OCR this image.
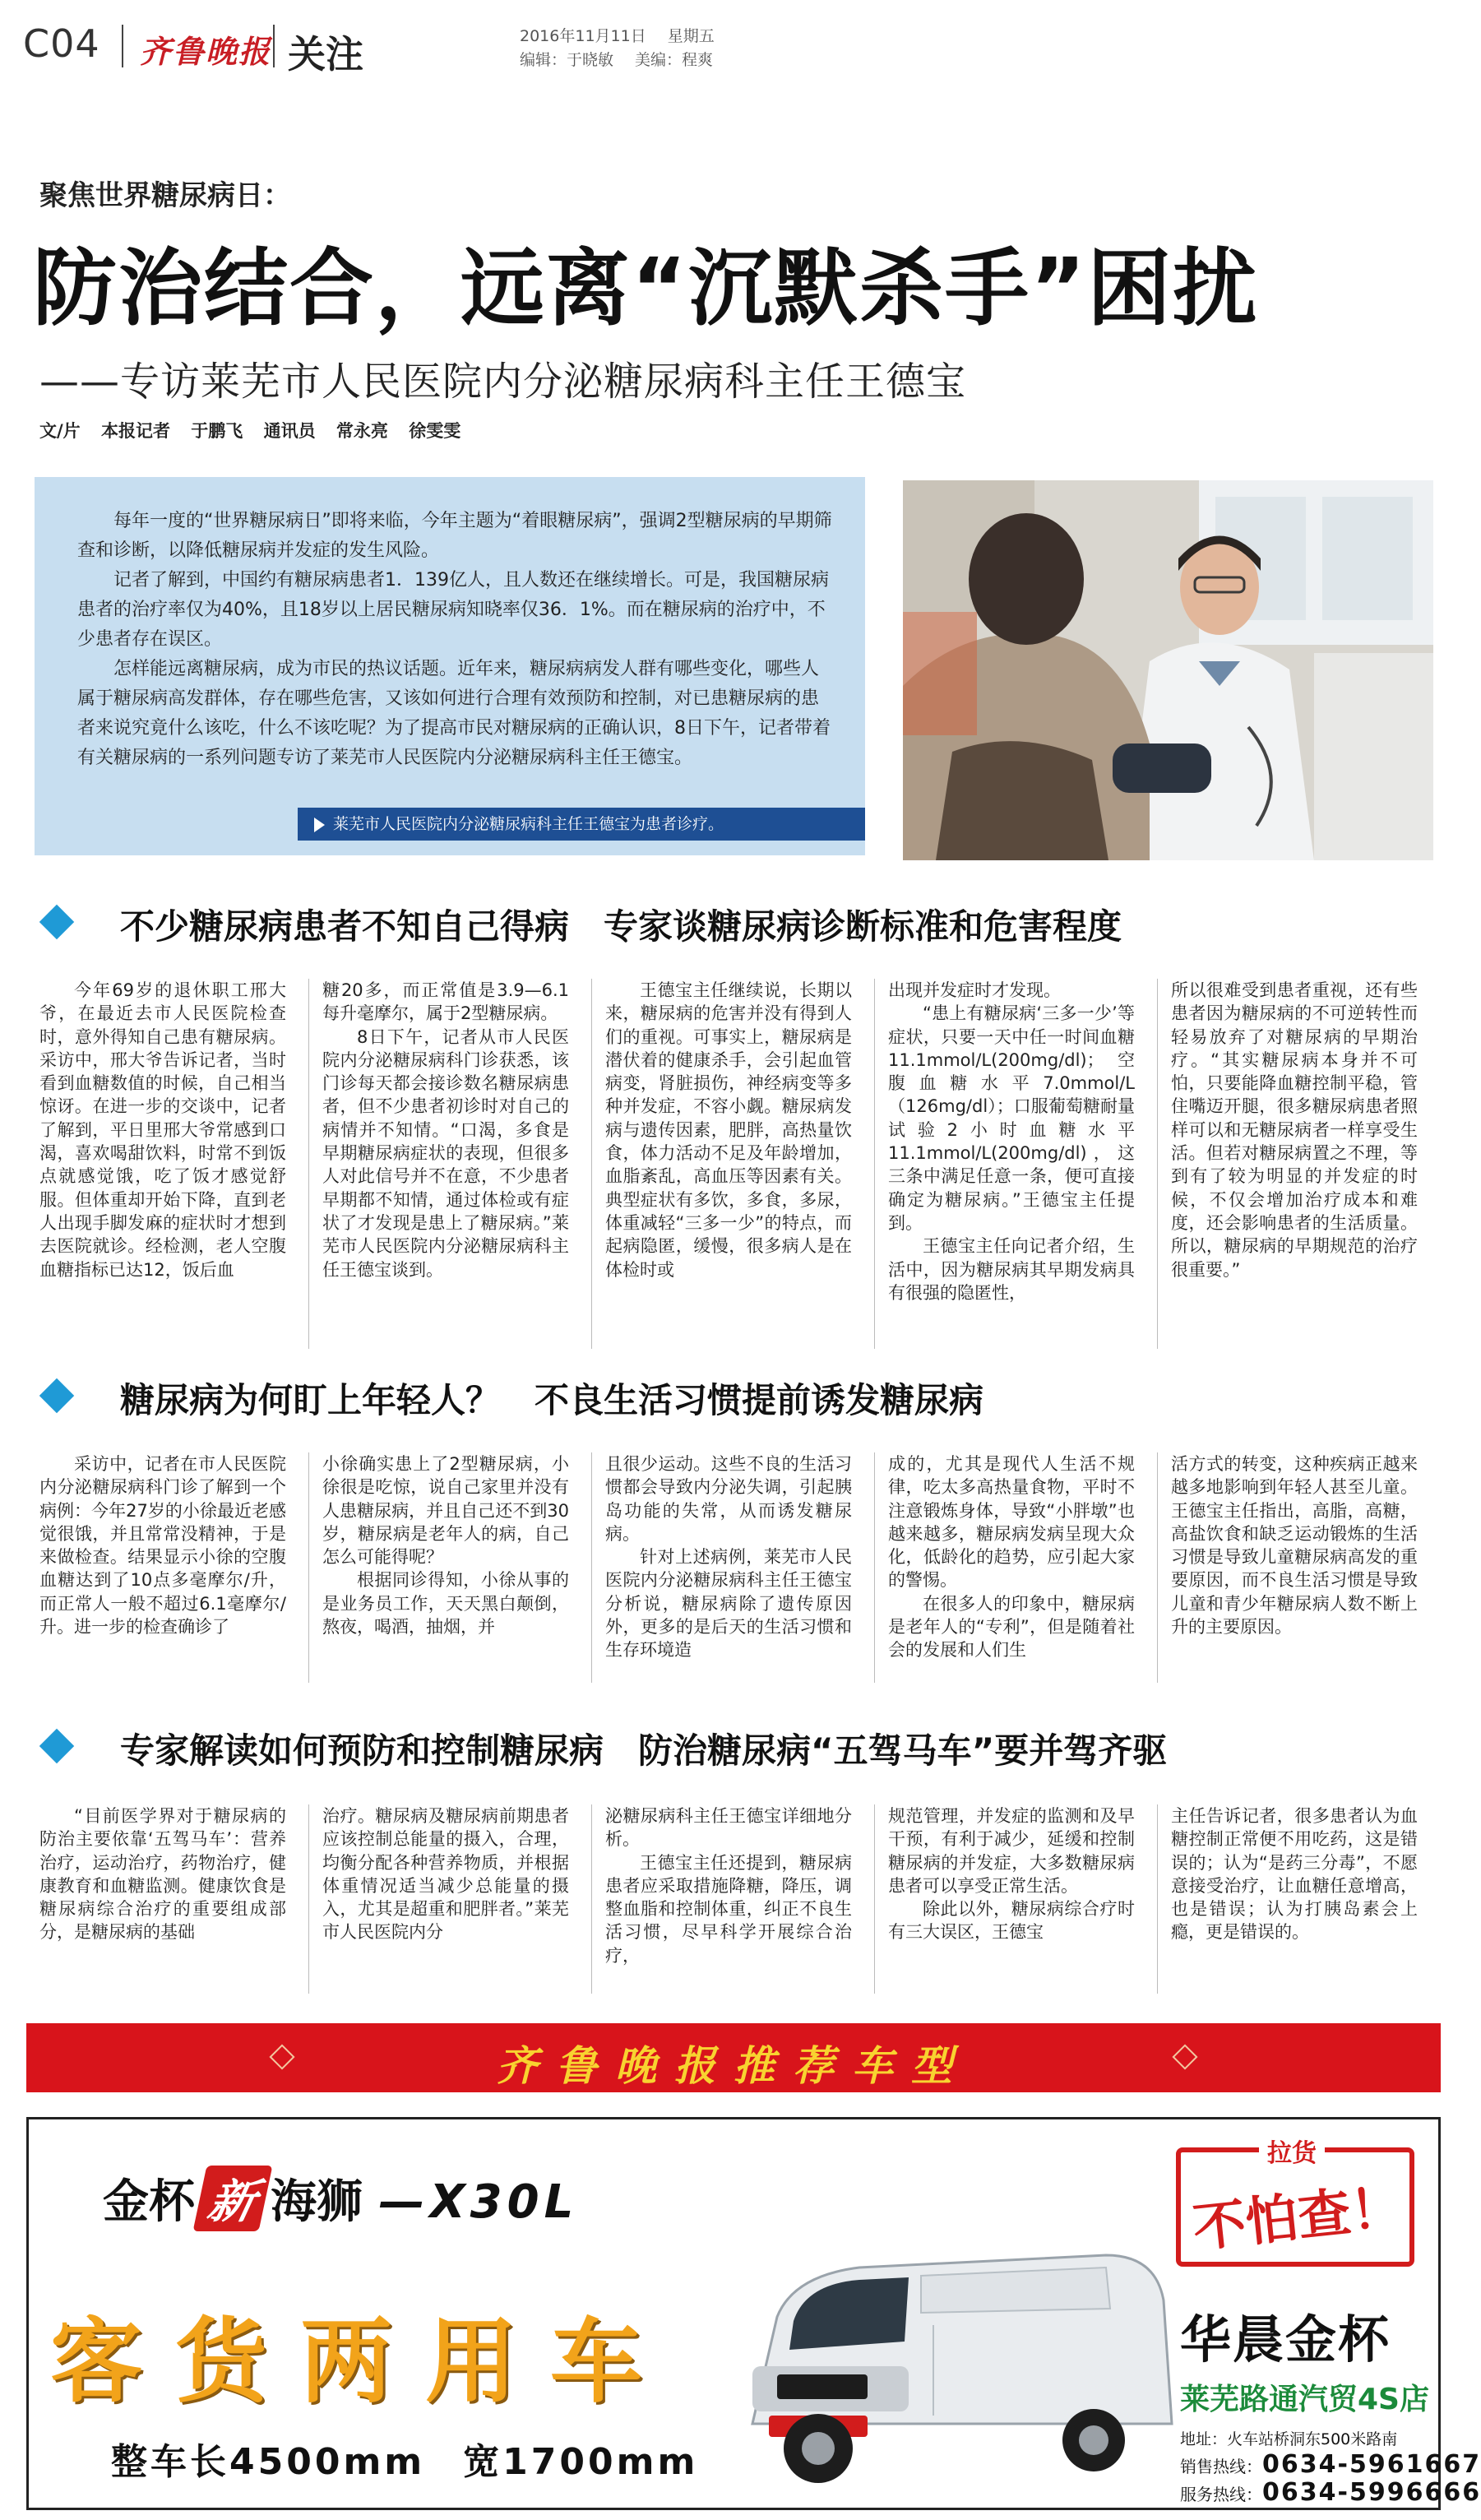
C04 齐鲁晚报 关注	2016年11月11日 星期五
编辑：于晓敏 美编：程爽
聚焦世界糖尿病日：
防治结合，远离“沉默杀手”困扰
——专访莱芜市人民医院内分泌糖尿病科主任王德宝
文/片 本报记者 于鹏飞 通讯员 常永亮 徐雯雯

每年一度的“世界糖尿病日”即将来临，今年主题为“着眼糖尿病”，强调2型糖尿病的早期筛查和诊断，以降低糖尿病并发症的发生风险。

记者了解到，中国约有糖尿病患者1．139亿人，且人数还在继续增长。可是，我国糖尿病患者的治疗率仅为40%，且18岁以上居民糖尿病知晓率仅36．1%。而在糖尿病的治疗中，不少患者存在误区。

怎样能远离糖尿病，成为市民的热议话题。近年来，糖尿病病发人群有哪些变化，哪些人属于糖尿病高发群体，存在哪些危害，又该如何进行合理有效预防和控制，对已患糖尿病的患者来说究竟什么该吃，什么不该吃呢？为了提高市民对糖尿病的正确认识，8日下午，记者带着有关糖尿病的一系列问题专访了莱芜市人民医院内分泌糖尿病科主任王德宝。

莱芜市人民医院内分泌糖尿病科主任王德宝为患者诊疗。
不少糖尿病患者不知自己得病　专家谈糖尿病诊断标准和危害程度

今年69岁的退休职工邢大爷，在最近去市人民医院检查时，意外得知自己患有糖尿病。采访中，邢大爷告诉记者，当时看到血糖数值的时候，自己相当惊讶。在进一步的交谈中，记者了解到，平日里邢大爷常感到口渴，喜欢喝甜饮料，时常不到饭点就感觉饿，吃了饭才感觉舒服。但体重却开始下降，直到老人出现手脚发麻的症状时才想到去医院就诊。经检测，老人空腹血糖指标已达12，饭后血

糖20多，而正常值是3.9—6.1每升毫摩尔，属于2型糖尿病。

8日下午，记者从市人民医院内分泌糖尿病科门诊获悉，该门诊每天都会接诊数名糖尿病患者，但不少患者初诊时对自己的病情并不知情。“口渴，多食是早期糖尿病症状的表现，但很多人对此信号并不在意，不少患者早期都不知情，通过体检或有症状了才发现是患上了糖尿病。”莱芜市人民医院内分泌糖尿病科主任王德宝谈到。

王德宝主任继续说，长期以来，糖尿病的危害并没有得到人们的重视。可事实上，糖尿病是潜伏着的健康杀手，会引起血管病变，肾脏损伤，神经病变等多种并发症，不容小觑。糖尿病发病与遗传因素，肥胖，高热量饮食，体力活动不足及年龄增加，血脂紊乱，高血压等因素有关。典型症状有多饮，多食，多尿，体重减轻“三多一少”的特点，而起病隐匿，缓慢，很多病人是在体检时或

出现并发症时才发现。

“患上有糖尿病‘三多一少’等症状，只要一天中任一时间血糖11.1mmol/L(200mg/dl)；空腹血糖水平7.0mmol/L（126mg/dl）；口服葡萄糖耐量试验2小时血糖水平11.1mmol/L(200mg/dl)，这三条中满足任意一条，便可直接确定为糖尿病。”王德宝主任提到。

王德宝主任向记者介绍，生活中，因为糖尿病其早期发病具有很强的隐匿性，

所以很难受到患者重视，还有些患者因为糖尿病的不可逆转性而轻易放弃了对糖尿病的早期治疗。“其实糖尿病本身并不可怕，只要能降血糖控制平稳，管住嘴迈开腿，很多糖尿病患者照样可以和无糖尿病者一样享受生活。但若对糖尿病置之不理，等到有了较为明显的并发症的时候，不仅会增加治疗成本和难度，还会影响患者的生活质量。所以，糖尿病的早期规范的治疗很重要。”

糖尿病为何盯上年轻人？　不良生活习惯提前诱发糖尿病

采访中，记者在市人民医院内分泌糖尿病科门诊了解到一个病例：今年27岁的小徐最近老感觉很饿，并且常常没精神，于是来做检查。结果显示小徐的空腹血糖达到了10点多毫摩尔/升，而正常人一般不超过6.1毫摩尔/升。进一步的检查确诊了

小徐确实患上了2型糖尿病，小徐很是吃惊，说自己家里并没有人患糖尿病，并且自己还不到30岁，糖尿病是老年人的病，自己怎么可能得呢？

根据同诊得知，小徐从事的是业务员工作，天天黑白颠倒，熬夜，喝酒，抽烟，并

且很少运动。这些不良的生活习惯都会导致内分泌失调，引起胰岛功能的失常，从而诱发糖尿病。

针对上述病例，莱芜市人民医院内分泌糖尿病科主任王德宝分析说，糖尿病除了遗传原因外，更多的是后天的生活习惯和生存环境造

成的，尤其是现代人生活不规律，吃太多高热量食物，平时不注意锻炼身体，导致“小胖墩”也越来越多，糖尿病发病呈现大众化，低龄化的趋势，应引起大家的警惕。

在很多人的印象中，糖尿病是老年人的“专利”，但是随着社会的发展和人们生

活方式的转变，这种疾病正越来越多地影响到年轻人甚至儿童。王德宝主任指出，高脂，高糖，高盐饮食和缺乏运动锻炼的生活习惯是导致儿童糖尿病高发的重要原因，而不良生活习惯是导致儿童和青少年糖尿病人数不断上升的主要原因。

专家解读如何预防和控制糖尿病　防治糖尿病“五驾马车”要并驾齐驱

“目前医学界对于糖尿病的防治主要依靠‘五驾马车’：营养治疗，运动治疗，药物治疗，健康教育和血糖监测。健康饮食是糖尿病综合治疗的重要组成部分，是糖尿病的基础

治疗。糖尿病及糖尿病前期患者应该控制总能量的摄入，合理，均衡分配各种营养物质，并根据体重情况适当减少总能量的摄入，尤其是超重和肥胖者。”莱芜市人民医院内分

泌糖尿病科主任王德宝详细地分析。

王德宝主任还提到，糖尿病患者应采取措施降糖，降压，调整血脂和控制体重，纠正不良生活习惯，尽早科学开展综合治疗，

规范管理，并发症的监测和及早干预，有利于减少，延缓和控制糖尿病的并发症，大多数糖尿病患者可以享受正常生活。

除此以外，糖尿病综合疗时有三大误区，王德宝

主任告诉记者，很多患者认为血糖控制正常便不用吃药，这是错误的；认为“是药三分毒”，不愿意接受治疗，让血糖任意增高，也是错误；认为打胰岛素会上瘾，更是错误的。

齐鲁晚报推荐车型
金杯 新 海狮 —X30L
客货两用车
整车长4500mm 宽1700mm
拉货
不怕查！
华晨金杯
莱芜路通汽贸4S店
地址：火车站桥洞东500米路南
销售热线：0634-5961667
服务热线：0634-5996666
